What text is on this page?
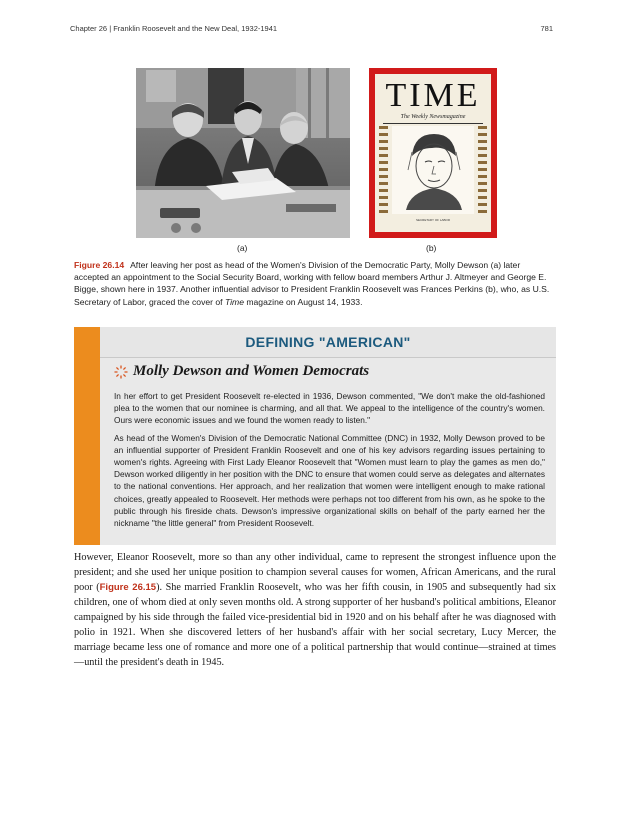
Chapter 26 | Franklin Roosevelt and the New Deal, 1932-1941	781
TIME
The Weekly Newsmagazine
SECRETARY OF LABOR
(a)	(b)
Figure 26.14 After leaving her post as head of the Women's Division of the Democratic Party, Molly Dewson (a) later accepted an appointment to the Social Security Board, working with fellow board members Arthur J. Altmeyer and George E. Bigge, shown here in 1937. Another influential advisor to President Franklin Roosevelt was Frances Perkins (b), who, as U.S. Secretary of Labor, graced the cover of Time magazine on August 14, 1933.
DEFINING "AMERICAN"
Molly Dewson and Women Democrats

In her effort to get President Roosevelt re-elected in 1936, Dewson commented, "We don't make the old-fashioned plea to the women that our nominee is charming, and all that. We appeal to the intelligence of the country's women. Ours were economic issues and we found the women ready to listen."

As head of the Women's Division of the Democratic National Committee (DNC) in 1932, Molly Dewson proved to be an influential supporter of President Franklin Roosevelt and one of his key advisors regarding issues pertaining to women's rights. Agreeing with First Lady Eleanor Roosevelt that "Women must learn to play the games as men do," Dewson worked diligently in her position with the DNC to ensure that women could serve as delegates and alternates to the national conventions. Her approach, and her realization that women were intelligent enough to make rational choices, greatly appealed to Roosevelt. Her methods were perhaps not too different from his own, as he spoke to the public through his fireside chats. Dewson's impressive organizational skills on behalf of the party earned her the nickname "the little general" from President Roosevelt.

However, Eleanor Roosevelt, more so than any other individual, came to represent the strongest influence upon the president; and she used her unique position to champion several causes for women, African Americans, and the rural poor (Figure 26.15). She married Franklin Roosevelt, who was her fifth cousin, in 1905 and subsequently had six children, one of whom died at only seven months old. A strong supporter of her husband's political ambitions, Eleanor campaigned by his side through the failed vice-presidential bid in 1920 and on his behalf after he was diagnosed with polio in 1921. When she discovered letters of her husband's affair with her social secretary, Lucy Mercer, the marriage became less one of romance and more one of a political partnership that would continue—strained at times—until the president's death in 1945.
